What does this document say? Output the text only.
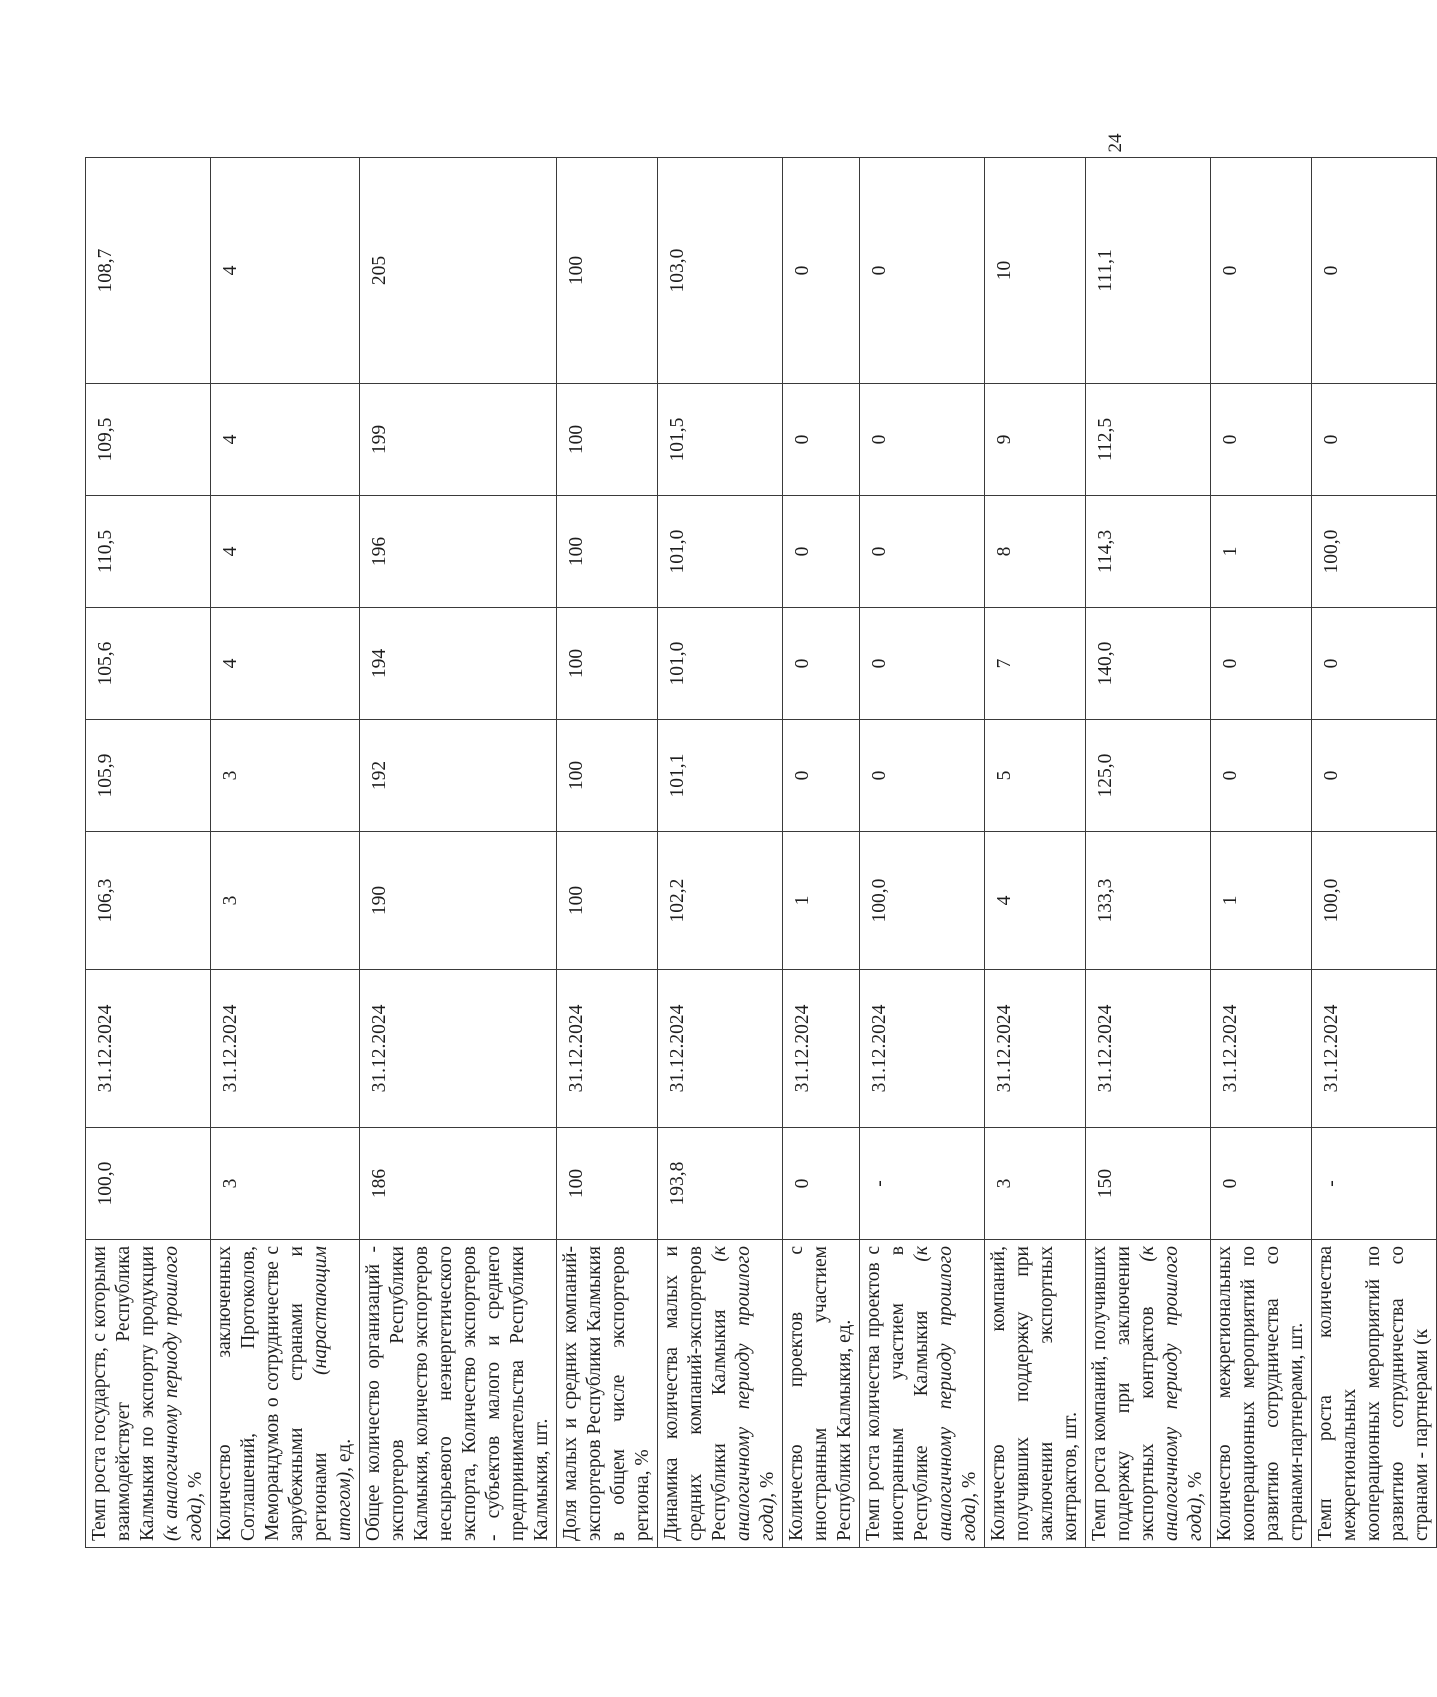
24
Темп роста государств, с которыми взаимодействует Республика Калмыкия по экспорту продукции (к аналогичному периоду прошлого года), %	100,0	31.12.2024	106,3	105,9	105,6	110,5	109,5	108,7
Количество заключенных Соглашений, Протоколов, Меморандумов о сотрудничестве с зарубежными странами и регионами (нарастающим итогом), ед.	3	31.12.2024	3	3	4	4	4	4
Общее количество организаций - экспортеров Республики Калмыкия, количество экспортеров несырьевого неэнергетического экспорта, Количество экспортеров - субъектов малого и среднего предпринимательства Республики Калмыкия, шт.	186	31.12.2024	190	192	194	196	199	205
Доля малых и средних компаний-экспортеров Республики Калмыкия в общем числе экспортеров региона, %	100	31.12.2024	100	100	100	100	100	100
Динамика количества малых и средних компаний-экспортеров Республики Калмыкия (к аналогичному периоду прошлого года), %	193,8	31.12.2024	102,2	101,1	101,0	101,0	101,5	103,0
Количество проектов с иностранным участием Республики Калмыкия, ед.	0	31.12.2024	1	0	0	0	0	0
Темп роста количества проектов с иностранным участием в Республике Калмыкия (к аналогичному периоду прошлого года), %	-	31.12.2024	100,0	0	0	0	0	0
Количество компаний, получивших поддержку при заключении экспортных контрактов, шт.	3	31.12.2024	4	5	7	8	9	10
Темп роста компаний, получивших поддержку при заключении экспортных контрактов (к аналогичному периоду прошлого года), %	150	31.12.2024	133,3	125,0	140,0	114,3	112,5	111,1
Количество межрегиональных кооперационных мероприятий по развитию сотрудничества со странами-партнерами, шт.	0	31.12.2024	1	0	0	1	0	0
Темп роста количества межрегиональных кооперационных мероприятий по развитию сотрудничества со странами - партнерами (к	-	31.12.2024	100,0	0	0	100,0	0	0
